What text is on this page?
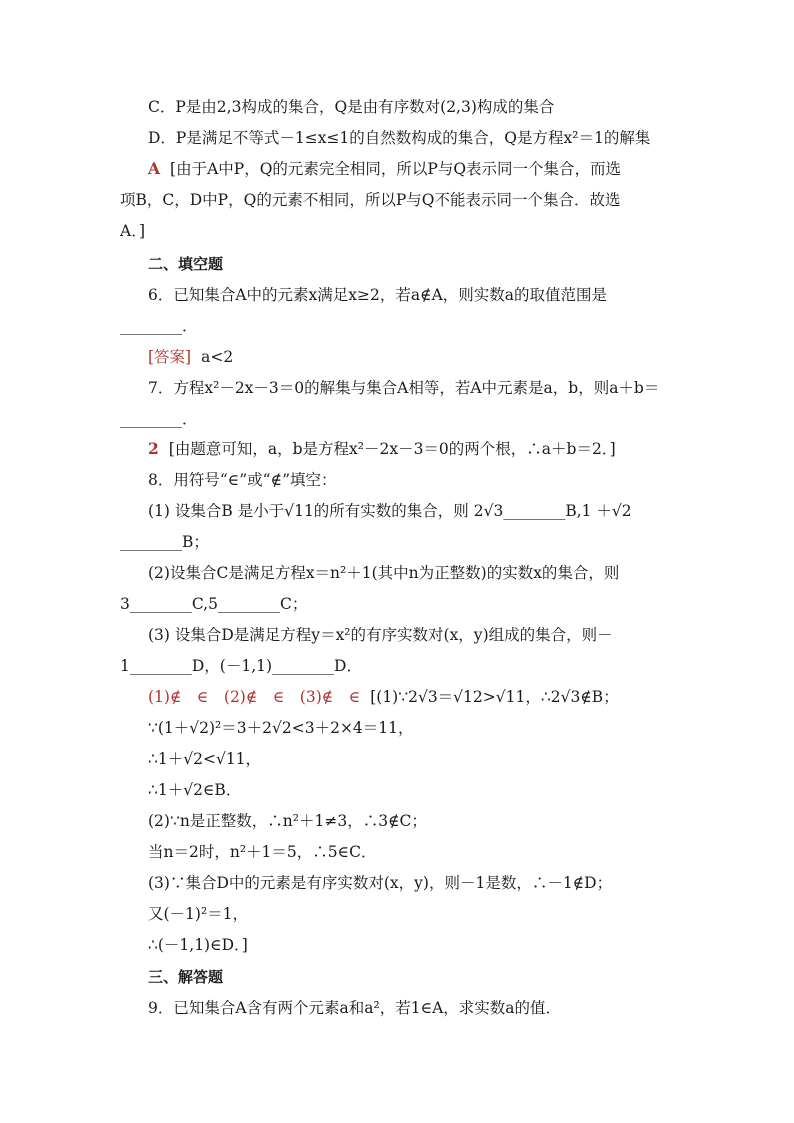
C．P是由2,3构成的集合，Q是由有序数对(2,3)构成的集合
D．P是满足不等式－1≤x≤1的自然数构成的集合，Q是方程x²＝1的解集
A [由于A中P，Q的元素完全相同，所以P与Q表示同一个集合，而选
项B，C，D中P，Q的元素不相同，所以P与Q不能表示同一个集合．故选
A．]
二、填空题
6．已知集合A中的元素x满足x≥2，若a∉A，则实数a的取值范围是
________．
[答案] a<2
7．方程x²－2x－3＝0的解集与集合A相等，若A中元素是a，b，则a＋b＝
________．
2 [由题意可知，a，b是方程x²－2x－3＝0的两个根，∴a＋b＝2．]
8．用符号“∈”或“∉”填空：
(1) 设集合B 是小于√11的所有实数的集合，则 2√3________B,1 ＋√2
________B；
(2)设集合C是满足方程x＝n²＋1(其中n为正整数)的实数x的集合，则
3________C,5________C；
(3) 设集合D是满足方程y＝x²的有序实数对(x，y)组成的集合，则－
1________D，(－1,1)________D．
(1)∉　∈　(2)∉　∈　(3)∉　∈ [(1)∵2√3＝√12>√11，∴2√3∉B；
∵(1＋√2)²＝3＋2√2<3＋2×4＝11，
∴1＋√2<√11，
∴1＋√2∈B．
(2)∵n是正整数，∴n²＋1≠3，∴3∉C；
当n＝2时，n²＋1＝5，∴5∈C．
(3)∵集合D中的元素是有序实数对(x，y)，则－1是数，∴－1∉D；
又(－1)²＝1，
∴(－1,1)∈D．]
三、解答题
9．已知集合A含有两个元素a和a²，若1∈A，求实数a的值．
